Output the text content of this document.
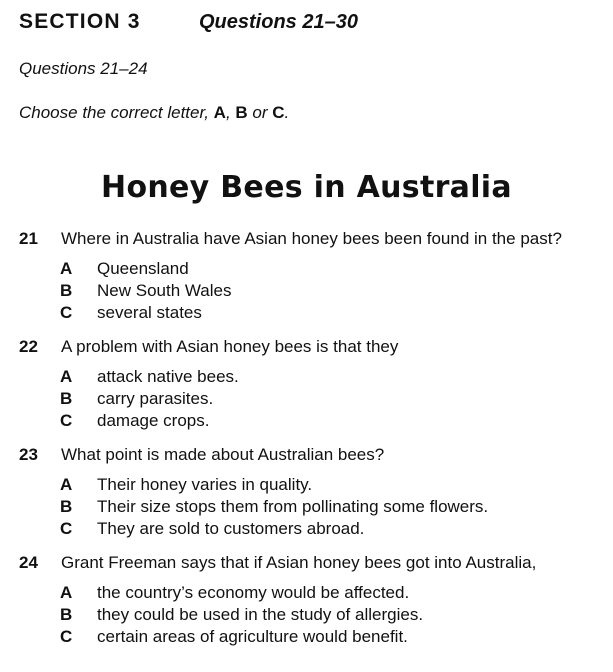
SECTION 3	Questions 21–30
Questions 21–24
Choose the correct letter, A, B or C.
Honey Bees in Australia
21	Where in Australia have Asian honey bees been found in the past?
A	Queensland
B	New South Wales
C	several states
22	A problem with Asian honey bees is that they
A	attack native bees.
B	carry parasites.
C	damage crops.
23	What point is made about Australian bees?
A	Their honey varies in quality.
B	Their size stops them from pollinating some flowers.
C	They are sold to customers abroad.
24	Grant Freeman says that if Asian honey bees got into Australia,
A	the country’s economy would be affected.
B	they could be used in the study of allergies.
C	certain areas of agriculture would benefit.
